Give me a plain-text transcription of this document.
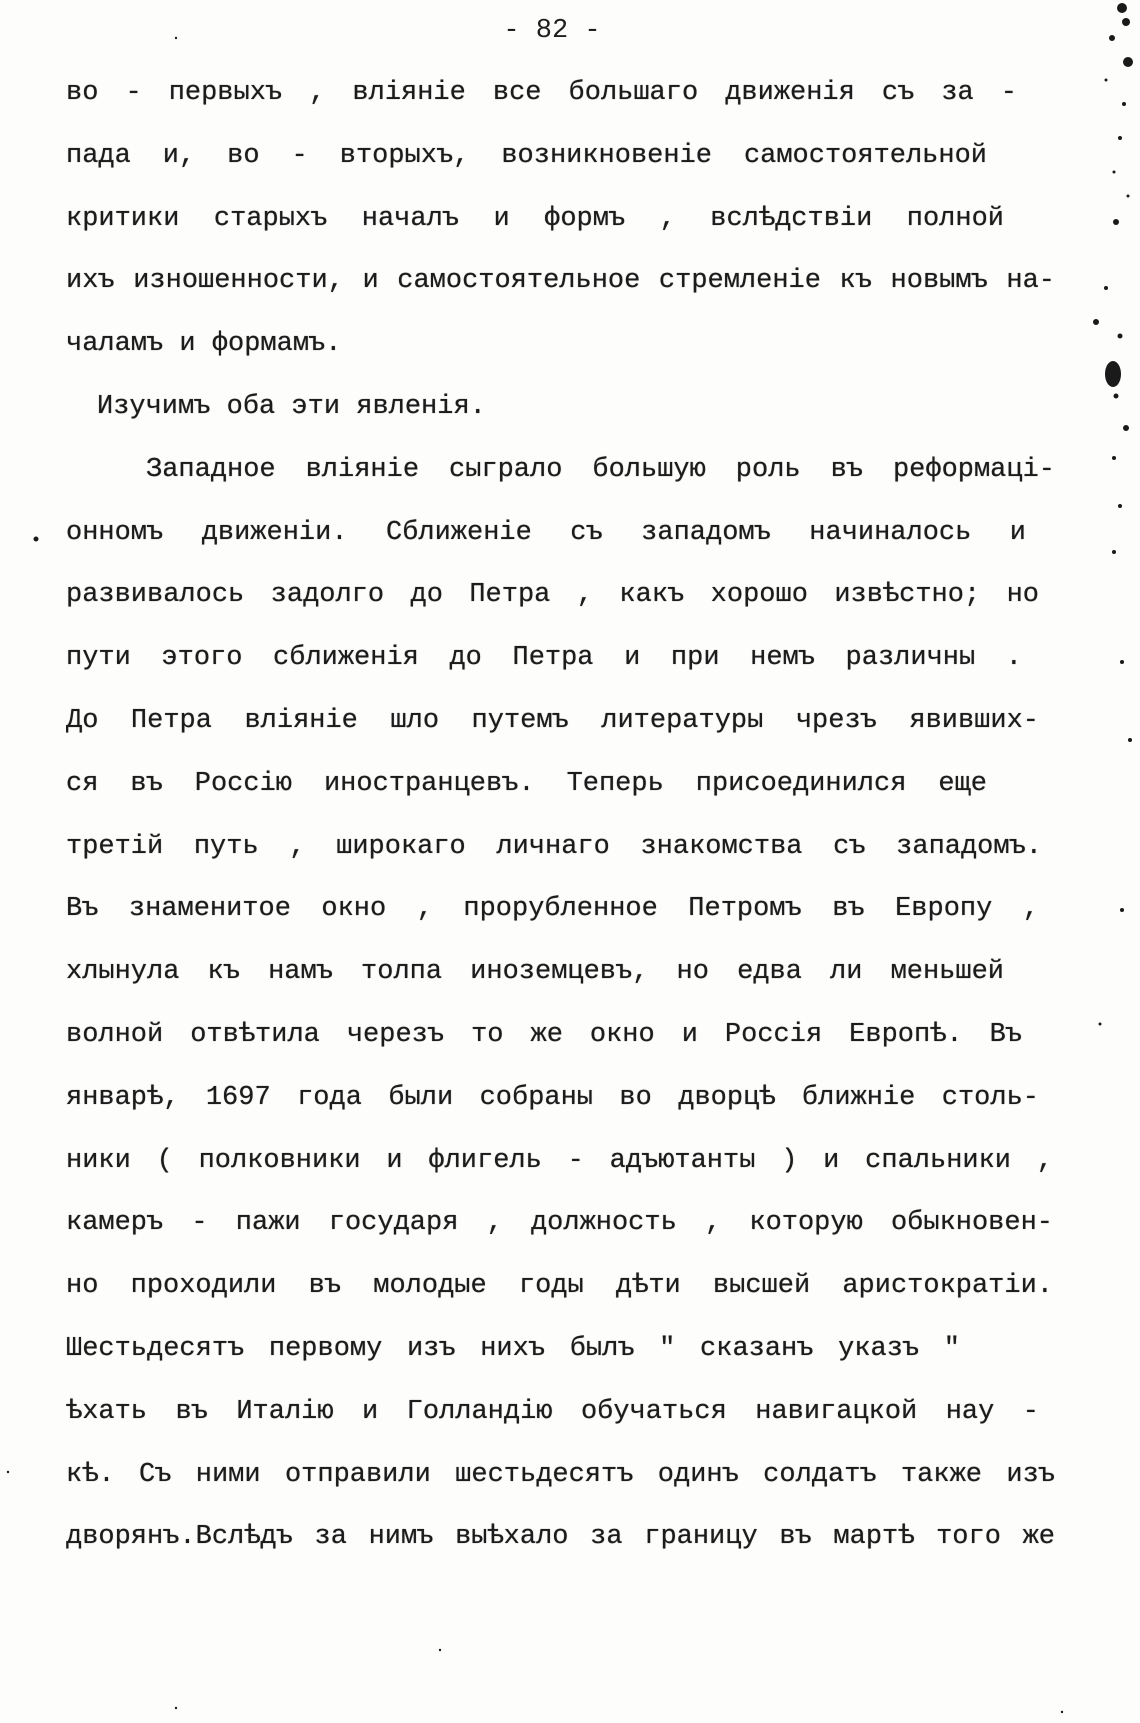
- 82 -
во - первыхъ , вліяніе все большаго движенія съ за -
пада и, во - вторыхъ, возникновеніе самостоятельной
критики старыхъ началъ и формъ , вслѣдствіи полной
ихъ изношенности, и самостоятельное стремленіе къ новымъ на-
чаламъ и формамъ.
Изучимъ оба эти явленія.
Западное вліяніе сыграло большую роль въ реформаці-
онномъ движеніи. Сближеніе съ западомъ начиналось и
развивалось задолго до Петра , какъ хорошо извѣстно; но
пути этого сближенія до Петра и при немъ различны .
До Петра вліяніе шло путемъ литературы чрезъ явивших-
ся въ Россію иностранцевъ. Теперь присоединился еще
третій путь , широкаго личнаго знакомства съ западомъ.
Въ знаменитое окно , прорубленное Петромъ въ Европу ,
хлынула къ намъ толпа иноземцевъ, но едва ли меньшей
волной отвѣтила черезъ то же окно и Россія Европѣ. Въ
январѣ, 1697 года были собраны во дворцѣ ближніе столь-
ники ( полковники и флигель - адъютанты ) и спальники ,
камеръ - пажи государя , должность , которую обыкновен-
но проходили въ молодые годы дѣти высшей аристократіи.
Шестьдесятъ первому изъ нихъ былъ " сказанъ указъ "
ѣхать въ Италію и Голландію обучаться навигацкой нау -
кѣ. Съ ними отправили шестьдесятъ одинъ солдатъ также изъ
дворянъ.Вслѣдъ за нимъ выѣхало за границу въ мартѣ того же
